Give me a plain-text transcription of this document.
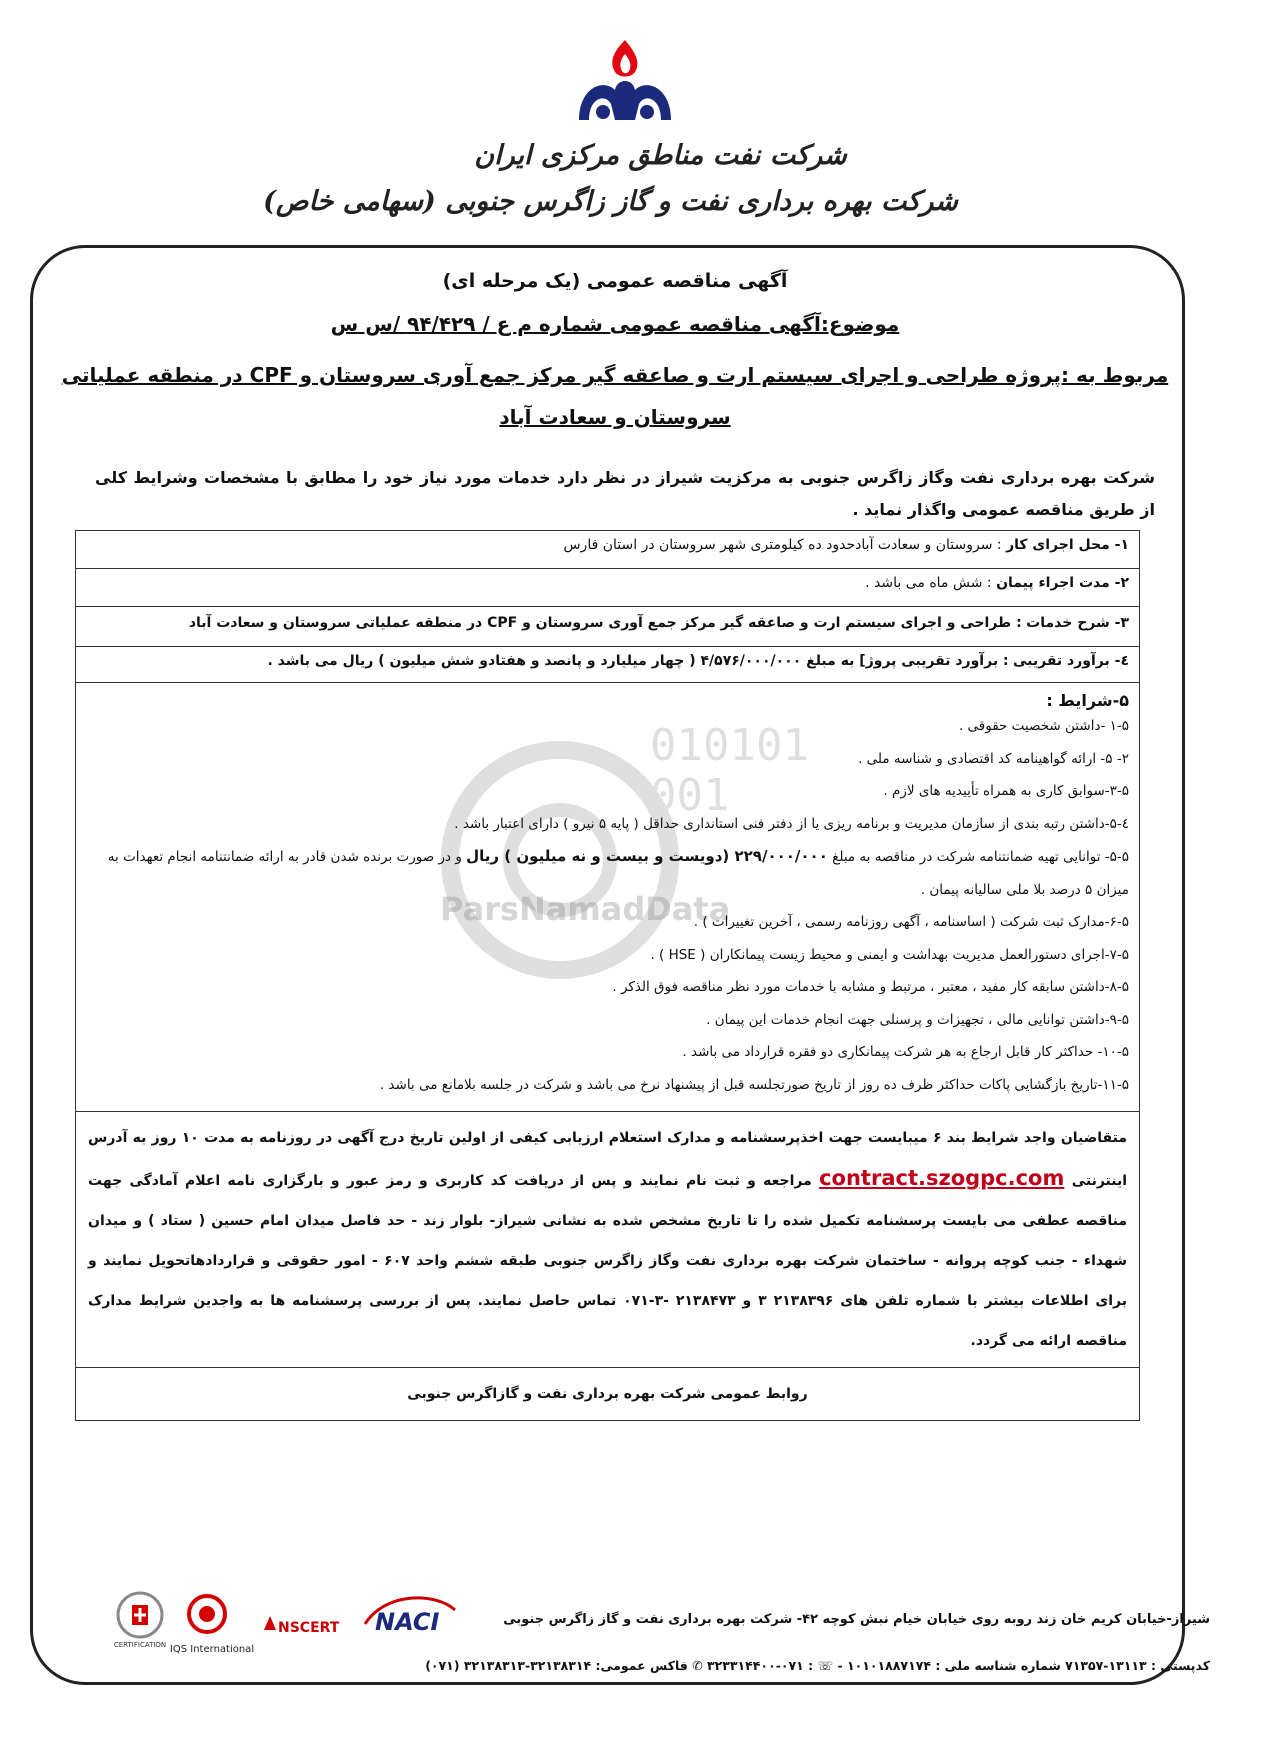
شرکت نفت مناطق مرکزی ایران
شرکت بهره برداری نفت و گاز زاگرس جنوبی (سهامی خاص)
آگهی مناقصه عمومی (یک مرحله ای)
موضوع:آگهی مناقصه عمومی شماره م ع / ۹۴/۴۲۹ /س س
مربوط به :پروژه طراحی و اجرای سیستم ارت و صاعقه گیر مرکز جمع آوری سروستان و CPF در منطقه عملیاتی سروستان و سعادت آباد
شرکت بهره برداری نفت وگاز زاگرس جنوبی به مرکزیت شیراز در نظر دارد خدمات مورد نیاز خود را مطابق با مشخصات وشرایط کلی از طریق مناقصه عمومی واگذار نماید .
010101
001
ParsNamadData
۱- محل اجرای کار : سروستان و سعادت آبادحدود ده کیلومتری شهر سروستان در استان فارس
۲- مدت اجراء پیمان : شش ماه می باشد .
۳- شرح خدمات : طراحی و اجرای سیستم ارت و صاعقه گیر مرکز جمع آوری سروستان و CPF در منطقه عملیاتی سروستان و سعادت آباد
٤- برآورد تقریبی : برآورد تقریبی پروژ] به مبلغ ۴/۵۷۶/۰۰۰/۰۰۰ ( چهار میلیارد و پانصد و هفتادو شش میلیون ) ریال می باشد .

۵-شرایط :
۱-۵ -داشتن شخصیت حقوقی .
۲- ۵- ارائه گواهینامه کد اقتصادی و شناسه ملی .
۳-۵-سوابق کاری به همراه تأییدیه های لازم .
٤-۵-داشتن رتبه بندی از سازمان مدیریت و برنامه ریزی یا از دفتر فنی استانداری حداقل ( پایه ۵ نیرو ) دارای اعتبار باشد .
۵-۵- توانایی تهیه ضمانتنامه شرکت در مناقصه به مبلغ ۲۲۹/۰۰۰/۰۰۰ (دویست و بیست و نه میلیون ) ریال و در صورت برنده شدن قادر به ارائه ضمانتنامه انجام تعهدات به میزان ۵ درصد بلا ملی سالیانه پیمان .
۶-۵-مدارک ثبت شرکت ( اساسنامه ، آگهی روزنامه رسمی ، آخرین تغییرات ) .
۷-۵-اجرای دستورالعمل مدیریت بهداشت و ایمنی و محیط زیست پیمانکاران ( HSE ) .
۸-۵-داشتن سابقه کار مفید ، معتبر ، مرتبط و مشابه با خدمات مورد نظر مناقصه فوق الذکر .
۹-۵-داشتن توانایی مالی ، تجهیزات و پرسنلی جهت انجام خدمات این پیمان .
۱۰-۵- حداکثر کار قابل ارجاع به هر شرکت پیمانکاری دو فقره قرارداد می باشد .
۱۱-۵-تاریخ بازگشایی پاکات حداکثر ظرف ده روز از تاریخ صورتجلسه قبل از پیشنهاد نرخ می باشد و شرکت در جلسه بلامانع می باشد .

متقاضیان واجد شرایط بند ۶ میبایست جهت اخذپرسشنامه و مدارک استعلام ارزیابی کیفی از اولین تاریخ درج آگهی در روزنامه به مدت ۱۰ روز به آدرس اینترنتی contract.szogpc.com مراجعه و ثبت نام نمایند و پس از دریافت کد کاربری و رمز عبور و بارگزاری نامه اعلام آمادگی جهت مناقصه عطفی می بایست پرسشنامه تکمیل شده را تا تاریخ مشخص شده به نشانی شیراز- بلوار زند - حد فاصل میدان امام حسین ( ستاد ) و میدان شهداء - جنب کوچه پروانه - ساختمان شرکت بهره برداری نفت وگاز زاگرس جنوبی طبقه ششم واحد ۶۰۷ - امور حقوقی و قراردادهاتحویل نمایند و برای اطلاعات بیشتر با شماره تلفن های ۲۱۳۸۳۹۶ ۳ و ۲۱۳۸۴۷۳ -۳-۰۷۱ تماس حاصل نمایند. پس از بررسی پرسشنامه ها به واجدین شرایط مدارک مناقصه ارائه می گردد.
روابط عمومی شرکت بهره برداری نفت و گازاگرس جنوبی
CERTIFICATION IQS International
NSCERT NACI	شیراز-خیابان کریم خان زند روبه روی خیابان خیام نبش کوچه ۴۲- شرکت بهره برداری نفت و گاز زاگرس جنوبی
کدپستی : ۱۳۱۱۳-۷۱۳۵۷ شماره شناسه ملی : ۱۰۱۰۱۸۸۷۱۷۴ - ☏ : ۰۷۱-۳۲۳۳۱۴۴۰۰ ✆ فاکس عمومی: ۳۲۱۳۸۳۱۴-۳۲۱۳۸۳۱۳ (۰۷۱)
